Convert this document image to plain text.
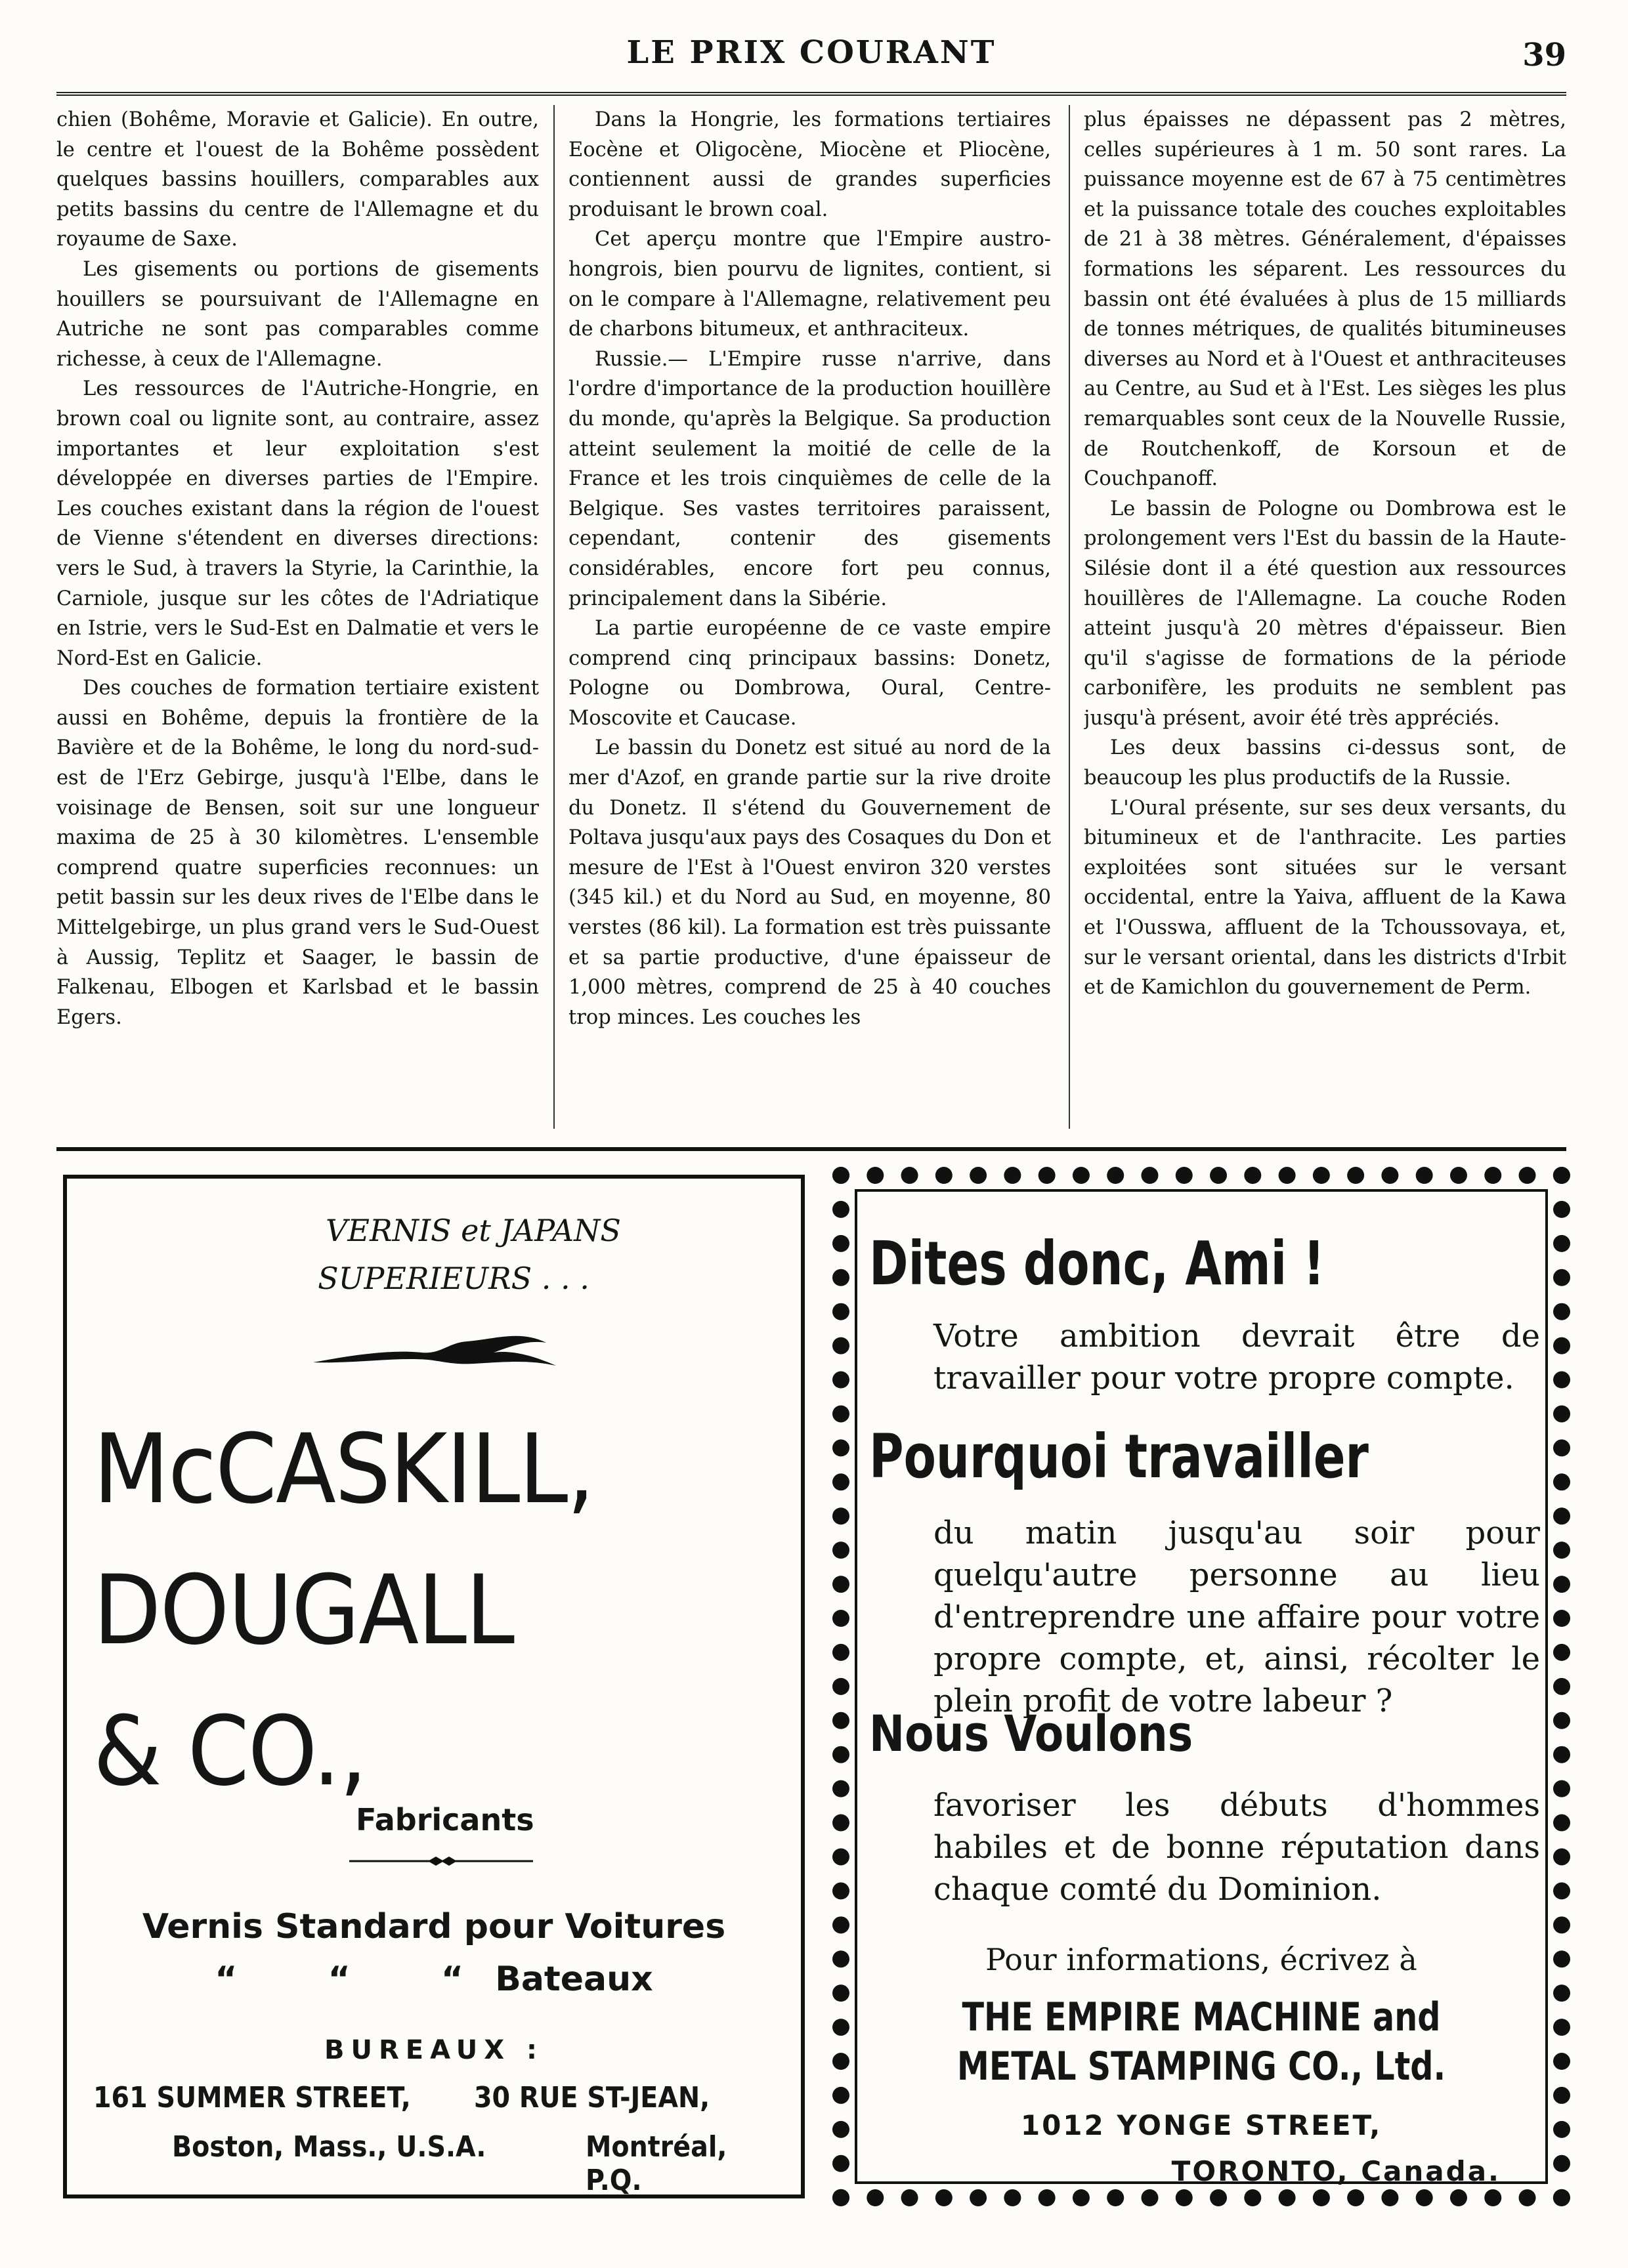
LE PRIX COURANT	39

chien (Bohême, Moravie et Galicie). En outre, le centre et l'ouest de la Bohême possèdent quelques bassins houillers, comparables aux petits bassins du centre de l'Allemagne et du royaume de Saxe.

Les gisements ou portions de gisements houillers se poursuivant de l'Allemagne en Autriche ne sont pas comparables comme richesse, à ceux de l'Allemagne.

Les ressources de l'Autriche-Hongrie, en brown coal ou lignite sont, au contraire, assez importantes et leur exploitation s'est développée en diverses parties de l'Empire. Les couches existant dans la région de l'ouest de Vienne s'étendent en diverses directions: vers le Sud, à travers la Styrie, la Carinthie, la Carniole, jusque sur les côtes de l'Adriatique en Istrie, vers le Sud-Est en Dalmatie et vers le Nord-Est en Galicie.

Des couches de formation tertiaire existent aussi en Bohême, depuis la frontière de la Bavière et de la Bohême, le long du nord-sud-est de l'Erz Gebirge, jusqu'à l'Elbe, dans le voisinage de Bensen, soit sur une longueur maxima de 25 à 30 kilomètres. L'ensemble comprend quatre superficies reconnues: un petit bassin sur les deux rives de l'Elbe dans le Mittelgebirge, un plus grand vers le Sud-Ouest à Aussig, Teplitz et Saager, le bassin de Falkenau, Elbogen et Karlsbad et le bassin Egers.

Dans la Hongrie, les formations tertiaires Eocène et Oligocène, Miocène et Pliocène, contiennent aussi de grandes superficies produisant le brown coal.

Cet aperçu montre que l'Empire austro-hongrois, bien pourvu de lignites, contient, si on le compare à l'Allemagne, relativement peu de charbons bitumeux, et anthraciteux.

Russie.— L'Empire russe n'arrive, dans l'ordre d'importance de la production houillère du monde, qu'après la Belgique. Sa production atteint seulement la moitié de celle de la France et les trois cinquièmes de celle de la Belgique. Ses vastes territoires paraissent, cependant, contenir des gisements considérables, encore fort peu connus, principalement dans la Sibérie.

La partie européenne de ce vaste empire comprend cinq principaux bassins: Donetz, Pologne ou Dombrowa, Oural, Centre-Moscovite et Caucase.

Le bassin du Donetz est situé au nord de la mer d'Azof, en grande partie sur la rive droite du Donetz. Il s'étend du Gouvernement de Poltava jusqu'aux pays des Cosaques du Don et mesure de l'Est à l'Ouest environ 320 verstes (345 kil.) et du Nord au Sud, en moyenne, 80 verstes (86 kil). La formation est très puissante et sa partie productive, d'une épaisseur de 1,000 mètres, comprend de 25 à 40 couches trop minces. Les couches les

plus épaisses ne dépassent pas 2 mètres, celles supérieures à 1 m. 50 sont rares. La puissance moyenne est de 67 à 75 centimètres et la puissance totale des couches exploitables de 21 à 38 mètres. Généralement, d'épaisses formations les séparent. Les ressources du bassin ont été évaluées à plus de 15 milliards de tonnes métriques, de qualités bitumineuses diverses au Nord et à l'Ouest et anthraciteuses au Centre, au Sud et à l'Est. Les sièges les plus remarquables sont ceux de la Nouvelle Russie, de Routchenkoff, de Korsoun et de Couchpanoff.

Le bassin de Pologne ou Dombrowa est le prolongement vers l'Est du bassin de la Haute-Silésie dont il a été question aux ressources houillères de l'Allemagne. La couche Roden atteint jusqu'à 20 mètres d'épaisseur. Bien qu'il s'agisse de formations de la période carbonifère, les produits ne semblent pas jusqu'à présent, avoir été très appréciés.

Les deux bassins ci-dessus sont, de beaucoup les plus productifs de la Russie.

L'Oural présente, sur ses deux versants, du bitumineux et de l'anthracite. Les parties exploitées sont situées sur le versant occidental, entre la Yaiva, affluent de la Kawa et l'Ousswa, affluent de la Tchoussovaya, et, sur le versant oriental, dans les districts d'Irbit et de Kamichlon du gouvernement de Perm.

VERNIS et JAPANS
SUPERIEURS . . .
McCASKILL,
DOUGALL
& CO.,
Fabricants
Vernis Standard pour Voitures
“	“	“ Bateaux
BUREAUX :
161 SUMMER STREET, 30 RUE ST-JEAN,
Boston, Mass., U.S.A.	Montréal, P.Q.
Dites donc, Ami !
Votre ambition devrait être de travailler pour votre propre compte.
Pourquoi travailler
du matin jusqu'au soir pour quelqu'autre personne au lieu d'entreprendre une affaire pour votre propre compte, et, ainsi, récolter le plein profit de votre labeur ?
Nous Voulons
favoriser les débuts d'hommes habiles et de bonne réputation dans chaque comté du Dominion.
Pour informations, écrivez à
THE EMPIRE MACHINE and
METAL STAMPING CO., Ltd.
1012 YONGE STREET,
TORONTO, Canada.
